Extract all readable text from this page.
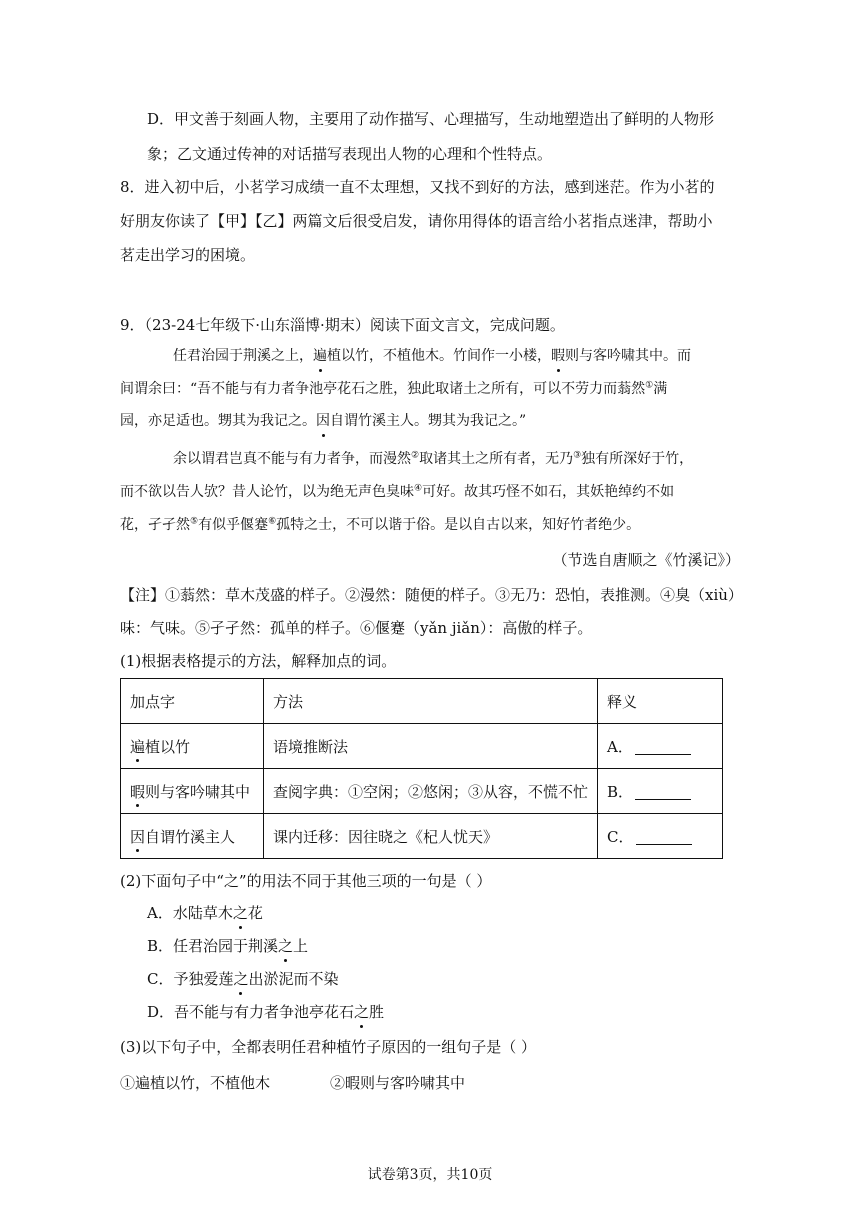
D．甲文善于刻画人物，主要用了动作描写、心理描写，生动地塑造出了鲜明的人物形
象；乙文通过传神的对话描写表现出人物的心理和个性特点。
8．进入初中后，小茗学习成绩一直不太理想，又找不到好的方法，感到迷茫。作为小茗的
好朋友你读了【甲】【乙】两篇文后很受启发，请你用得体的语言给小茗指点迷津，帮助小
茗走出学习的困境。
9．（23-24七年级下·山东淄博·期末）阅读下面文言文，完成问题。
任君治园于荆溪之上，遍植以竹，不植他木。竹间作一小楼，暇则与客吟啸其中。而
间谓余曰：“吾不能与有力者争池亭花石之胜，独此取诸土之所有，可以不劳力而蓊然①满
园，亦足适也。甥其为我记之。因自谓竹溪主人。甥其为我记之。”
余以谓君岂真不能与有力者争，而漫然②取诸其土之所有者，无乃③独有所深好于竹，
而不欲以告人欤？昔人论竹，以为绝无声色臭味④可好。故其巧怪不如石，其妖艳绰约不如
花，孑孑然⑤有似乎偃蹇⑥孤特之士，不可以谐于俗。是以自古以来，知好竹者绝少。
（节选自唐顺之《竹溪记》）
【注】①蓊然：草木茂盛的样子。②漫然：随便的样子。③无乃：恐怕，表推测。④臭（xiù）
味：气味。⑤孑孑然：孤单的样子。⑥偃蹇（yǎn jiǎn）：高傲的样子。
(1)根据表格提示的方法，解释加点的词。
加点字	方法	释义
遍植以竹	语境推断法	A．
暇则与客吟啸其中	查阅字典：①空闲；②悠闲；③从容，不慌不忙	B．
因自谓竹溪主人	课内迁移：因往晓之《杞人忧天》	C．
(2)下面句子中“之”的用法不同于其他三项的一句是（ ）
A．水陆草木之花
B．任君治园于荆溪之上
C．予独爱莲之出淤泥而不染
D．吾不能与有力者争池亭花石之胜
(3)以下句子中，全都表明任君种植竹子原因的一组句子是（ ）
①遍植以竹，不植他木	②暇则与客吟啸其中
试卷第3页，共10页
